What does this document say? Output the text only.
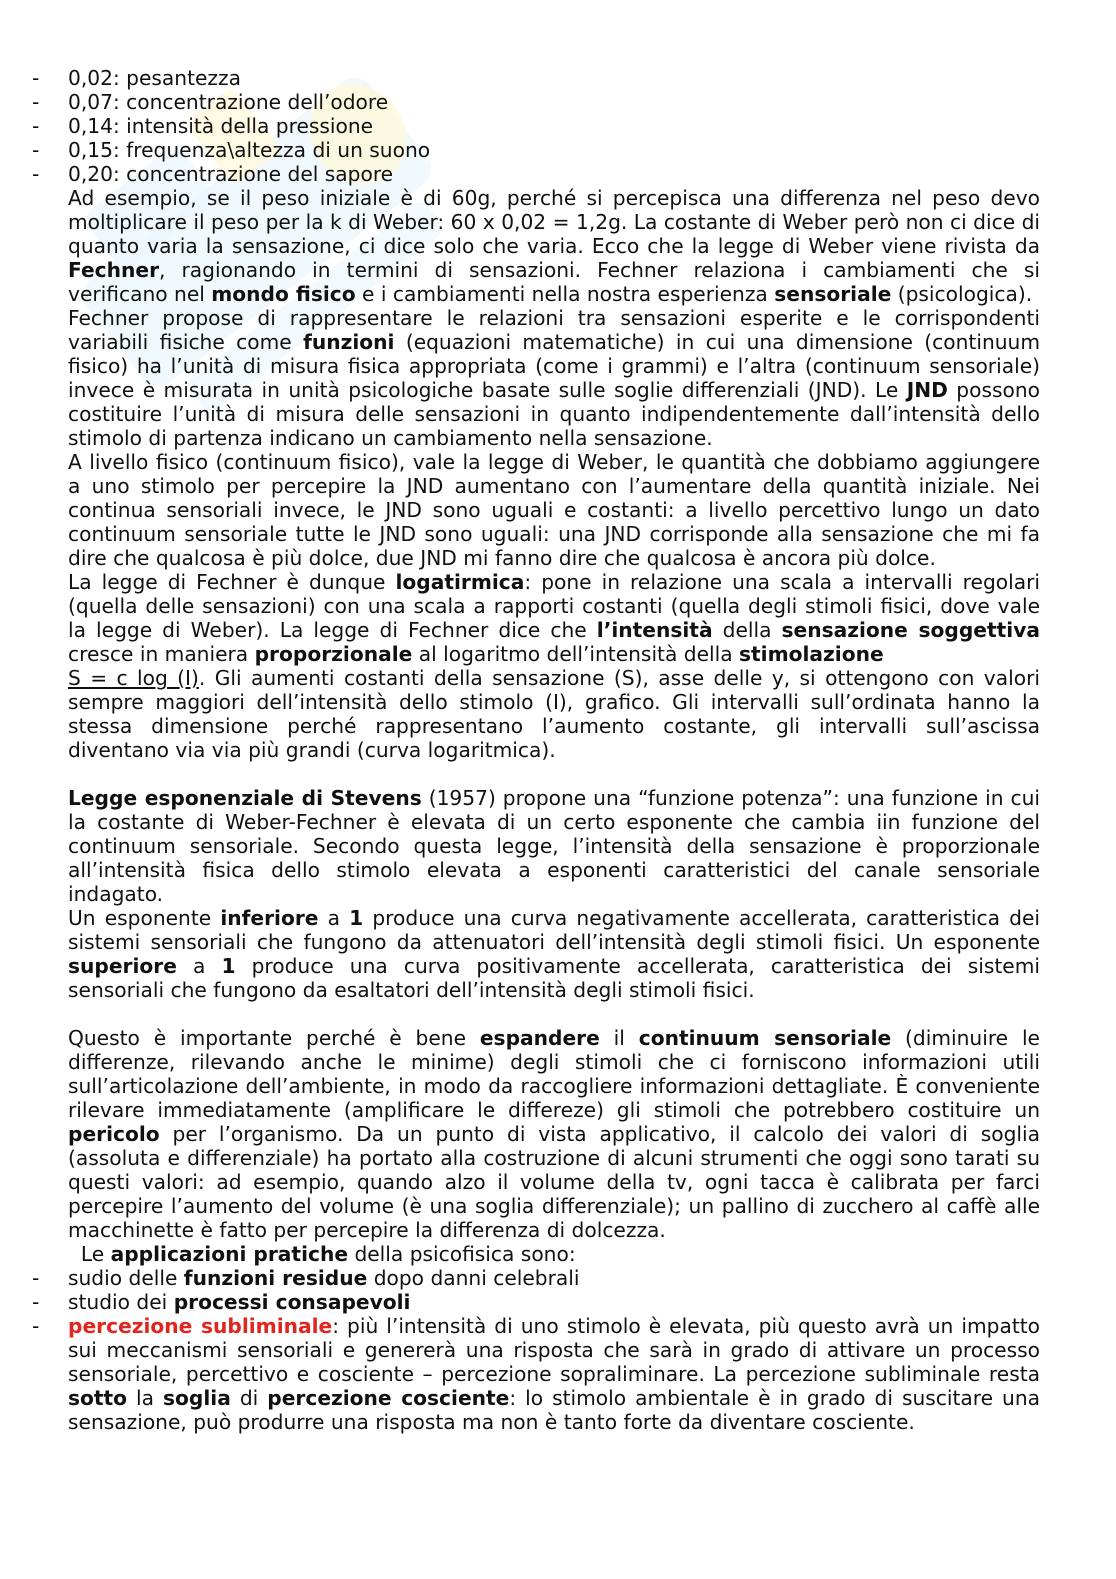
- 0,02: pesantezza
- 0,07: concentrazione dell’odore
- 0,14: intensità della pressione
- 0,15: frequenza\altezza di un suono
- 0,20: concentrazione del sapore
Ad esempio, se il peso iniziale è di 60g, perché si percepisca una differenza nel peso devo moltiplicare il peso per la k di Weber: 60 x 0,02 = 1,2g. La costante di Weber però non ci dice di quanto varia la sensazione, ci dice solo che varia. Ecco che la legge di Weber viene rivista da Fechner, ragionando in termini di sensazioni. Fechner relaziona i cambiamenti che si verificano nel mondo fisico e i cambiamenti nella nostra esperienza sensoriale (psicologica).
Fechner propose di rappresentare le relazioni tra sensazioni esperite e le corrispondenti variabili fisiche come funzioni (equazioni matematiche) in cui una dimensione (continuum fisico) ha l’unità di misura fisica appropriata (come i grammi) e l’altra (continuum sensoriale) invece è misurata in unità psicologiche basate sulle soglie differenziali (JND). Le JND possono costituire l’unità di misura delle sensazioni in quanto indipendentemente dall’intensità dello stimolo di partenza indicano un cambiamento nella sensazione.
A livello fisico (continuum fisico), vale la legge di Weber, le quantità che dobbiamo aggiungere a uno stimolo per percepire la JND aumentano con l’aumentare della quantità iniziale. Nei continua sensoriali invece, le JND sono uguali e costanti: a livello percettivo lungo un dato continuum sensoriale tutte le JND sono uguali: una JND corrisponde alla sensazione che mi fa dire che qualcosa è più dolce, due JND mi fanno dire che qualcosa è ancora più dolce.
La legge di Fechner è dunque logatirmica: pone in relazione una scala a intervalli regolari (quella delle sensazioni) con una scala a rapporti costanti (quella degli stimoli fisici, dove vale la legge di Weber). La legge di Fechner dice che l’intensità della sensazione soggettiva cresce in maniera proporzionale al logaritmo dell’intensità della stimolazione
S = c log (I). Gli aumenti costanti della sensazione (S), asse delle y, si ottengono con valori sempre maggiori dell’intensità dello stimolo (I), grafico. Gli intervalli sull’ordinata hanno la stessa dimensione perché rappresentano l’aumento costante, gli intervalli sull’ascissa diventano via via più grandi (curva logaritmica).
Legge esponenziale di Stevens (1957) propone una “funzione potenza”: una funzione in cui la costante di Weber-Fechner è elevata di un certo esponente che cambia iin funzione del continuum sensoriale. Secondo questa legge, l’intensità della sensazione è proporzionale all’intensità fisica dello stimolo elevata a esponenti caratteristici del canale sensoriale indagato.
Un esponente inferiore a 1 produce una curva negativamente accellerata, caratteristica dei sistemi sensoriali che fungono da attenuatori dell’intensità degli stimoli fisici. Un esponente superiore a 1 produce una curva positivamente accellerata, caratteristica dei sistemi sensoriali che fungono da esaltatori dell’intensità degli stimoli fisici.
Questo è importante perché è bene espandere il continuum sensoriale (diminuire le differenze, rilevando anche le minime) degli stimoli che ci forniscono informazioni utili sull’articolazione dell’ambiente, in modo da raccogliere informazioni dettagliate. È conveniente rilevare immediatamente (amplificare le differeze) gli stimoli che potrebbero costituire un pericolo per l’organismo. Da un punto di vista applicativo, il calcolo dei valori di soglia (assoluta e differenziale) ha portato alla costruzione di alcuni strumenti che oggi sono tarati su questi valori: ad esempio, quando alzo il volume della tv, ogni tacca è calibrata per farci percepire l’aumento del volume (è una soglia differenziale); un pallino di zucchero al caffè alle macchinette è fatto per percepire la differenza di dolcezza.
Le applicazioni pratiche della psicofisica sono:
- sudio delle funzioni residue dopo danni celebrali
- studio dei processi consapevoli
- percezione subliminale: più l’intensità di uno stimolo è elevata, più questo avrà un impatto sui meccanismi sensoriali e genererà una risposta che sarà in grado di attivare un processo sensoriale, percettivo e cosciente – percezione sopraliminare. La percezione subliminale resta sotto la soglia di percezione cosciente: lo stimolo ambientale è in grado di suscitare una sensazione, può produrre una risposta ma non è tanto forte da diventare cosciente.
